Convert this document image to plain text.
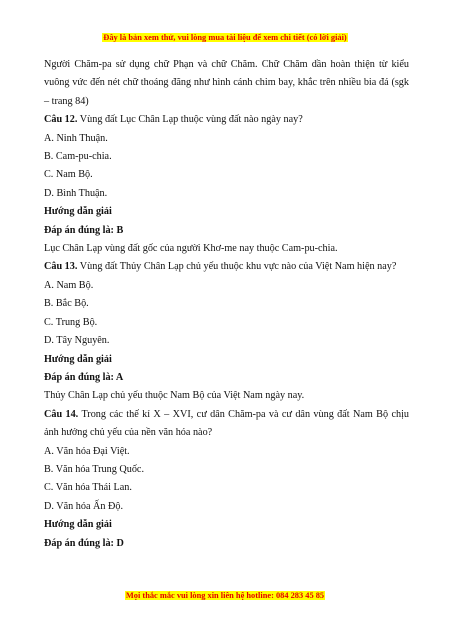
Đây là bản xem thử, vui lòng mua tài liệu để xem chi tiết (có lời giải)

Người Chăm-pa sử dụng chữ Phạn và chữ Chăm. Chữ Chăm dần hoàn thiện từ kiểu vuông vức đến nét chữ thoáng đãng như hình cánh chim bay, khắc trên nhiều bia đá (sgk – trang 84)

Câu 12. Vùng đất Lục Chân Lạp thuộc vùng đất nào ngày nay?

A. Ninh Thuận.

B. Cam-pu-chia.

C. Nam Bộ.

D. Bình Thuận.

Hướng dẫn giải

Đáp án đúng là: B

Lục Chân Lạp vùng đất gốc của người Khơ-me nay thuộc Cam-pu-chia.

Câu 13. Vùng đất Thủy Chân Lạp chủ yếu thuộc khu vực nào của Việt Nam hiện nay?

A. Nam Bộ.

B. Bắc Bộ.

C. Trung Bộ.

D. Tây Nguyên.

Hướng dẫn giải

Đáp án đúng là: A

Thủy Chân Lạp chủ yếu thuộc Nam Bộ của Việt Nam ngày nay.

Câu 14. Trong các thế kỉ X – XVI, cư dân Chăm-pa và cư dân vùng đất Nam Bộ chịu ảnh hưởng chủ yếu của nền văn hóa nào?

A. Văn hóa Đại Việt.

B. Văn hóa Trung Quốc.

C. Văn hóa Thái Lan.

D. Văn hóa Ấn Độ.

Hướng dẫn giải

Đáp án đúng là: D

Mọi thắc mắc vui lòng xin liên hệ hotline: 084 283 45 85
